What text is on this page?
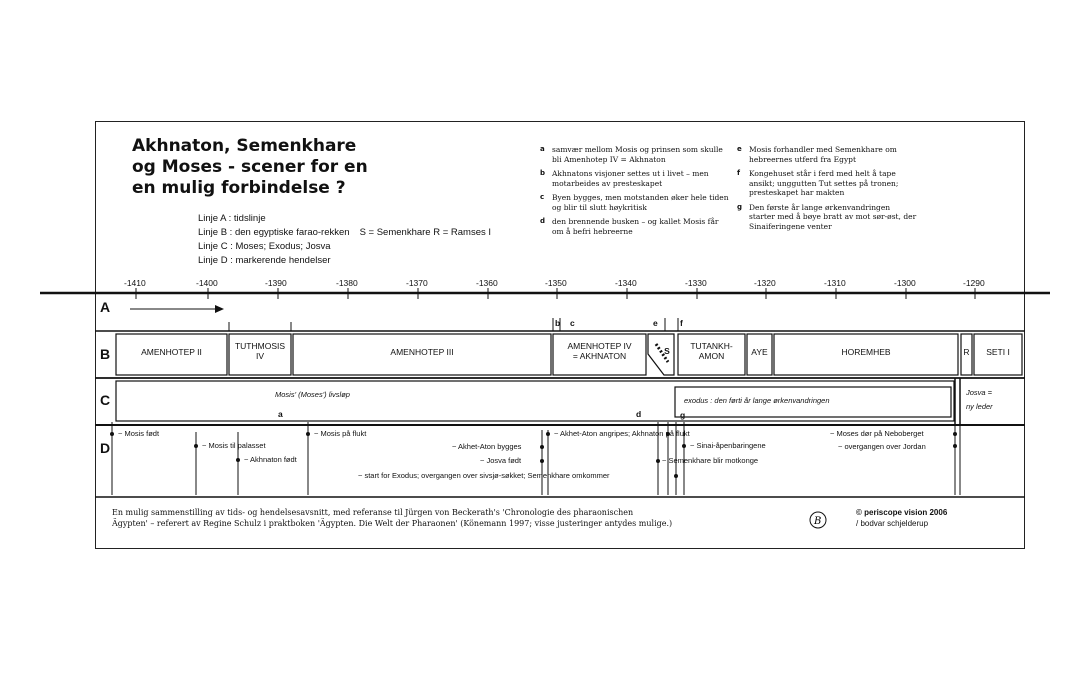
Akhnaton, Semenkhare
og Moses - scener for en
en mulig forbindelse ?
Linje A : tidslinje
Linje B : den egyptiske farao-rekken S = Semenkhare R = Ramses I
Linje C : Moses; Exodus; Josva
Linje D : markerende hendelser
a samvær mellom Mosis og prinsen som skulle bli Amenhotep IV = Akhnaton
b Akhnatons visjoner settes ut i livet – men motarbeides av presteskapet
c Byen bygges, men motstanden øker hele tiden og blir til slutt høykritisk
d den brennende busken – og kallet Mosis får om å befri hebreerne
e Mosis forhandler med Semenkhare om hebreernes utferd fra Egypt
f Kongehuset står i ferd med helt å tape ansikt; unggutten Tut settes på tronen; presteskapet har makten
g Den første år lange ørkenvandringen starter med å bøye bratt av mot sør-øst, der Sinaiferingene venter
B
-1410	-1400	-1390	-1380	-1370	-1360	-1350	-1340	-1330	-1320	-1310	-1300	-1290
A
B
C
D
b c	e	f
a	d	g
AMENHOTEP II
TUTHMOSIS
IV	AMENHOTEP III
AMENHOTEP IV
= AKHNATON	S	TUTANKH-
AMON	AYE	HOREMHEB	R	SETI I
Mosis' (Moses') livsløp
exodus : den førti år lange ørkenvandringen
Josva =
ny leder
~ Mosis født
~ Mosis til palasset
~ Akhnaton født
~ Mosis på flukt	~ Akhet-Aton angripes; Akhnaton på flukt
~ Akhet-Aton bygges
~ Josva født
~ start for Exodus; overgangen over sivsjø-søkket; Semenkhare omkommer
~ Semenkhare blir motkonge
~ Sinai-åpenbaringene
~ Moses dør på Neboberget
~ overgangen over Jordan
En mulig sammenstilling av tids- og hendelsesavsnitt, med referanse til Jürgen von Beckerath's 'Chronologie des pharaonischen
Ägypten' – referert av Regine Schulz i praktboken 'Ägypten. Die Welt der Pharaonen' (Könemann 1997; visse justeringer antydes mulige.)
© periscope vision 2006
/ bodvar schjelderup
